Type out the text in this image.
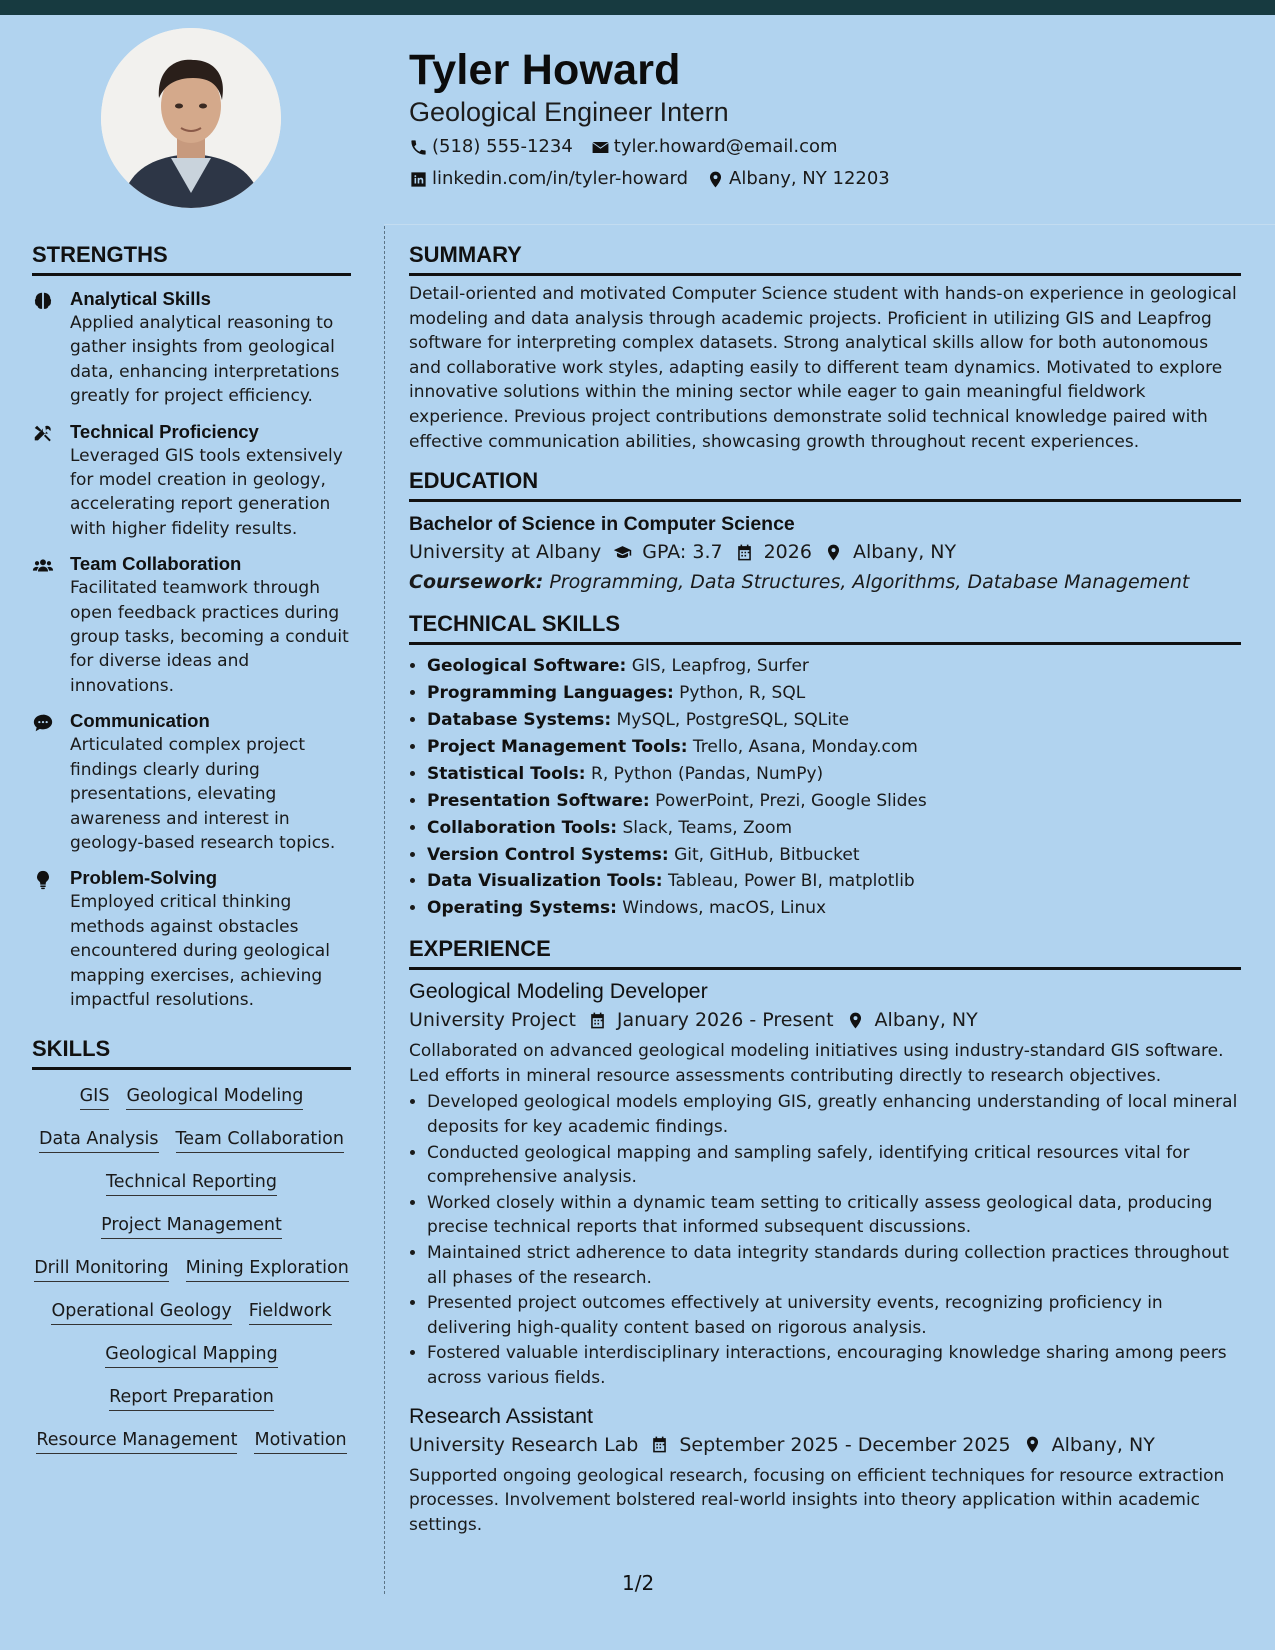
Tyler Howard
Geological Engineer Intern
(518) 555-1234 tyler.howard@email.com
linkedin.com/in/tyler-howard Albany, NY 12203
STRENGTHS
Analytical Skills
Applied analytical reasoning to gather insights from geological data, enhancing interpretations greatly for project efficiency.
Technical Proficiency
Leveraged GIS tools extensively for model creation in geology, accelerating report generation with higher fidelity results.
Team Collaboration
Facilitated teamwork through open feedback practices during group tasks, becoming a conduit for diverse ideas and innovations.
Communication
Articulated complex project findings clearly during presentations, elevating awareness and interest in geology-based research topics.
Problem-Solving
Employed critical thinking methods against obstacles encountered during geological mapping exercises, achieving impactful resolutions.
SKILLS
GIS Geological Modeling
Data Analysis Team Collaboration
Technical Reporting
Project Management
Drill Monitoring Mining Exploration
Operational Geology Fieldwork
Geological Mapping
Report Preparation
Resource Management Motivation
SUMMARY
Detail-oriented and motivated Computer Science student with hands-on experience in geological modeling and data analysis through academic projects. Proficient in utilizing GIS and Leapfrog software for interpreting complex datasets. Strong analytical skills allow for both autonomous and collaborative work styles, adapting easily to different team dynamics. Motivated to explore innovative solutions within the mining sector while eager to gain meaningful fieldwork experience. Previous project contributions demonstrate solid technical knowledge paired with effective communication abilities, showcasing growth throughout recent experiences.
EDUCATION
Bachelor of Science in Computer Science
University at Albany GPA: 3.7 2026 Albany, NY
Coursework: Programming, Data Structures, Algorithms, Database Management
TECHNICAL SKILLS
• Geological Software: GIS, Leapfrog, Surfer
• Programming Languages: Python, R, SQL
• Database Systems: MySQL, PostgreSQL, SQLite
• Project Management Tools: Trello, Asana, Monday.com
• Statistical Tools: R, Python (Pandas, NumPy)
• Presentation Software: PowerPoint, Prezi, Google Slides
• Collaboration Tools: Slack, Teams, Zoom
• Version Control Systems: Git, GitHub, Bitbucket
• Data Visualization Tools: Tableau, Power BI, matplotlib
• Operating Systems: Windows, macOS, Linux
EXPERIENCE
Geological Modeling Developer
University Project January 2026 - Present Albany, NY
Collaborated on advanced geological modeling initiatives using industry-standard GIS software. Led efforts in mineral resource assessments contributing directly to research objectives.
• Developed geological models employing GIS, greatly enhancing understanding of local mineral deposits for key academic findings.
• Conducted geological mapping and sampling safely, identifying critical resources vital for comprehensive analysis.
• Worked closely within a dynamic team setting to critically assess geological data, producing precise technical reports that informed subsequent discussions.
• Maintained strict adherence to data integrity standards during collection practices throughout all phases of the research.
• Presented project outcomes effectively at university events, recognizing proficiency in delivering high-quality content based on rigorous analysis.
• Fostered valuable interdisciplinary interactions, encouraging knowledge sharing among peers across various fields.
Research Assistant
University Research Lab September 2025 - December 2025 Albany, NY
Supported ongoing geological research, focusing on efficient techniques for resource extraction processes. Involvement bolstered real-world insights into theory application within academic settings.
1/2
